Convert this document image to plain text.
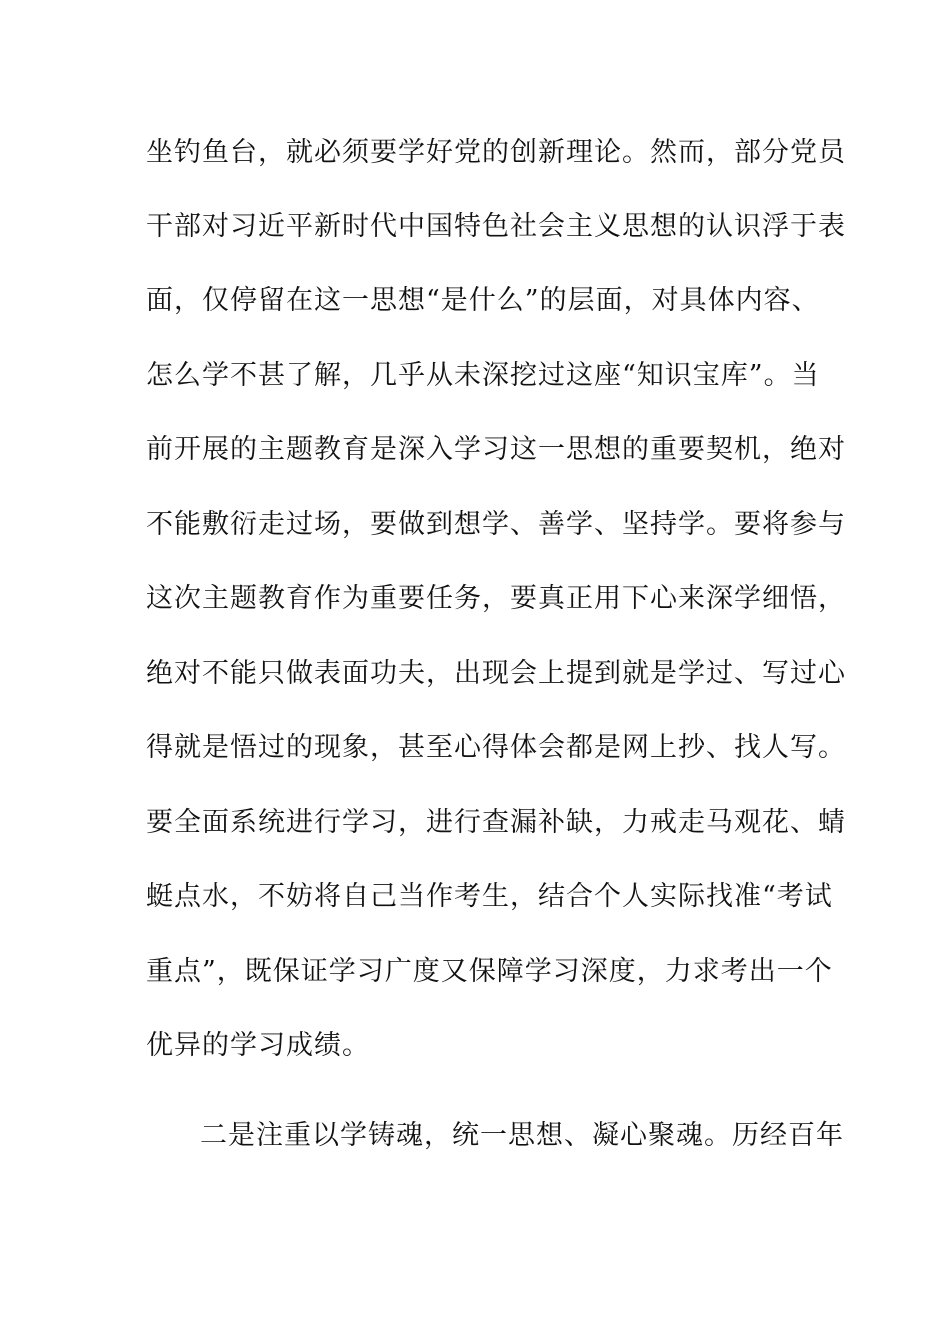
坐钓鱼台，就必须要学好党的创新理论。然而，部分党员
干部对习近平新时代中国特色社会主义思想的认识浮于表
面，仅停留在这一思想“是什么”的层面，对具体内容、
怎么学不甚了解，几乎从未深挖过这座“知识宝库”。当
前开展的主题教育是深入学习这一思想的重要契机，绝对
不能敷衍走过场，要做到想学、善学、坚持学。要将参与
这次主题教育作为重要任务，要真正用下心来深学细悟，
绝对不能只做表面功夫，出现会上提到就是学过、写过心
得就是悟过的现象，甚至心得体会都是网上抄、找人写。
要全面系统进行学习，进行查漏补缺，力戒走马观花、蜻
蜓点水，不妨将自己当作考生，结合个人实际找准“考试
重点”，既保证学习广度又保障学习深度，力求考出一个
优异的学习成绩。
二是注重以学铸魂，统一思想、凝心聚魂。历经百年
